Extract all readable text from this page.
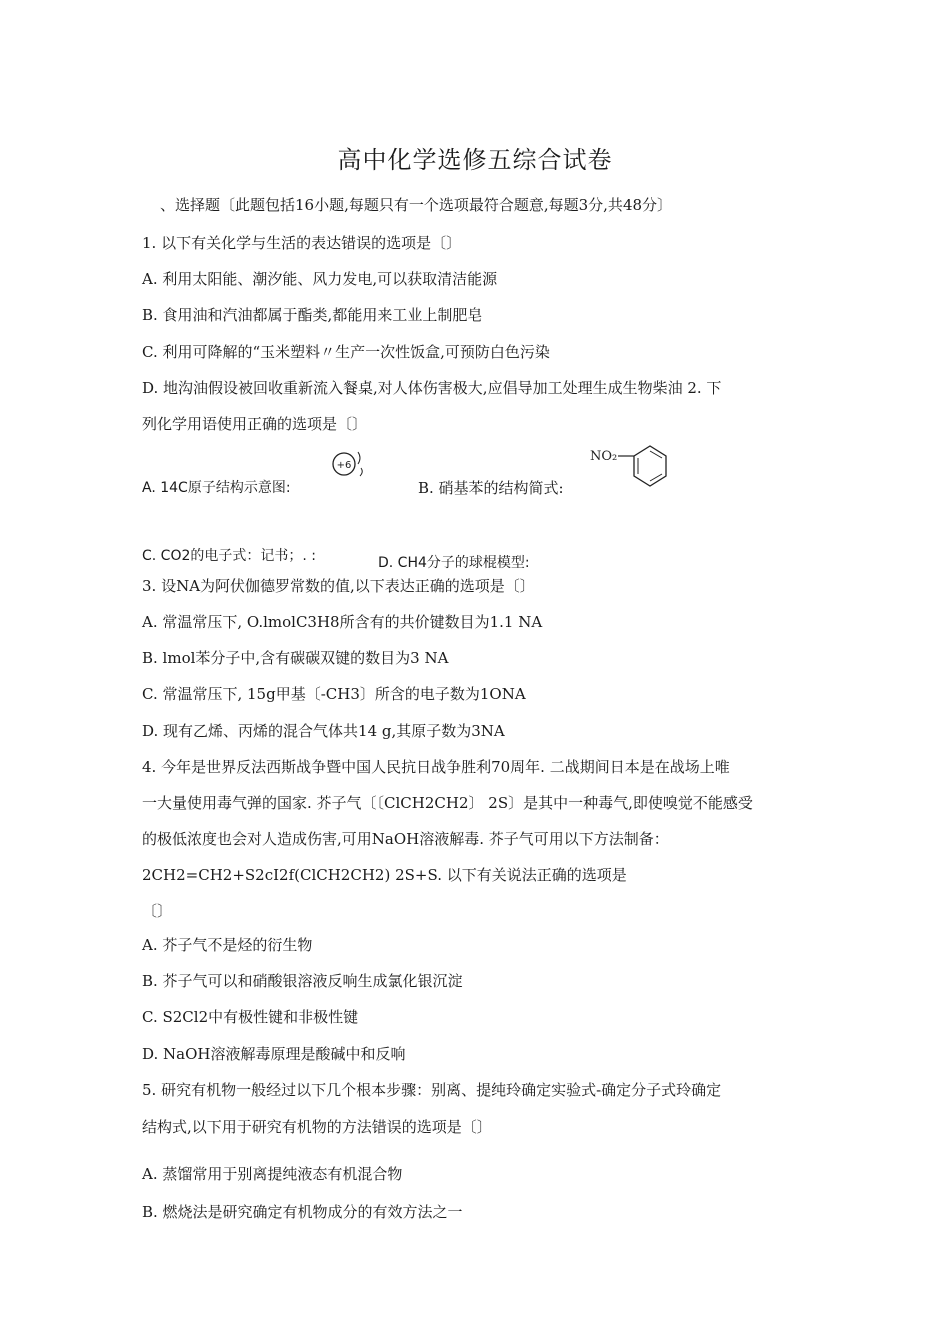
高中化学选修五综合试卷
、选择题〔此题包括16小题,每题只有一个选项最符合题意,每题3分,共48分〕
1. 以下有关化学与生活的表达错误的选项是〔〕
A. 利用太阳能、潮汐能、风力发电,可以获取清洁能源
B. 食用油和汽油都属于酯类,都能用来工业上制肥皂
C. 利用可降解的“玉米塑料〃生产一次性饭盒,可预防白色污染
D. 地沟油假设被回收重新流入餐桌,对人体伤害极大,应倡导加工处理生成生物柴油 2. 下
列化学用语使用正确的选项是〔〕
A. 14C原子结构示意图:
+6
B. 硝基苯的结构简式:
NO₂
C. CO2的电子式：记书；. :	D. CH4分子的球棍模型:
3. 设NA为阿伏伽德罗常数的值,以下表达正确的选项是〔〕
A. 常温常压下, O.lmolC3H8所含有的共价键数目为1.1 NA
B. lmol苯分子中,含有碳碳双键的数目为3 NA
C. 常温常压下, 15g甲基〔-CH3〕所含的电子数为1ONA
D. 现有乙烯、丙烯的混合气体共14 g,其原子数为3NA
4. 今年是世界反法西斯战争暨中国人民抗日战争胜利70周年. 二战期间日本是在战场上唯
一大量使用毒气弹的国家. 芥子气〔〔ClCH2CH2〕 2S〕是其中一种毒气,即使嗅觉不能感受
的极低浓度也会对人造成伤害,可用NaOH溶液解毒. 芥子气可用以下方法制备：
2CH2=CH2+S2cI2f(ClCH2CH2) 2S+S. 以下有关说法正确的选项是
〔〕
A. 芥子气不是烃的衍生物
B. 芥子气可以和硝酸银溶液反响生成氯化银沉淀
C. S2Cl2中有极性键和非极性键
D. NaOH溶液解毒原理是酸碱中和反响
5. 研究有机物一般经过以下几个根本步骤：别离、提纯玲确定实验式-确定分子式玲确定
结构式,以下用于研究有机物的方法错误的选项是〔〕
A. 蒸馏常用于别离提纯液态有机混合物
B. 燃烧法是研究确定有机物成分的有效方法之一
